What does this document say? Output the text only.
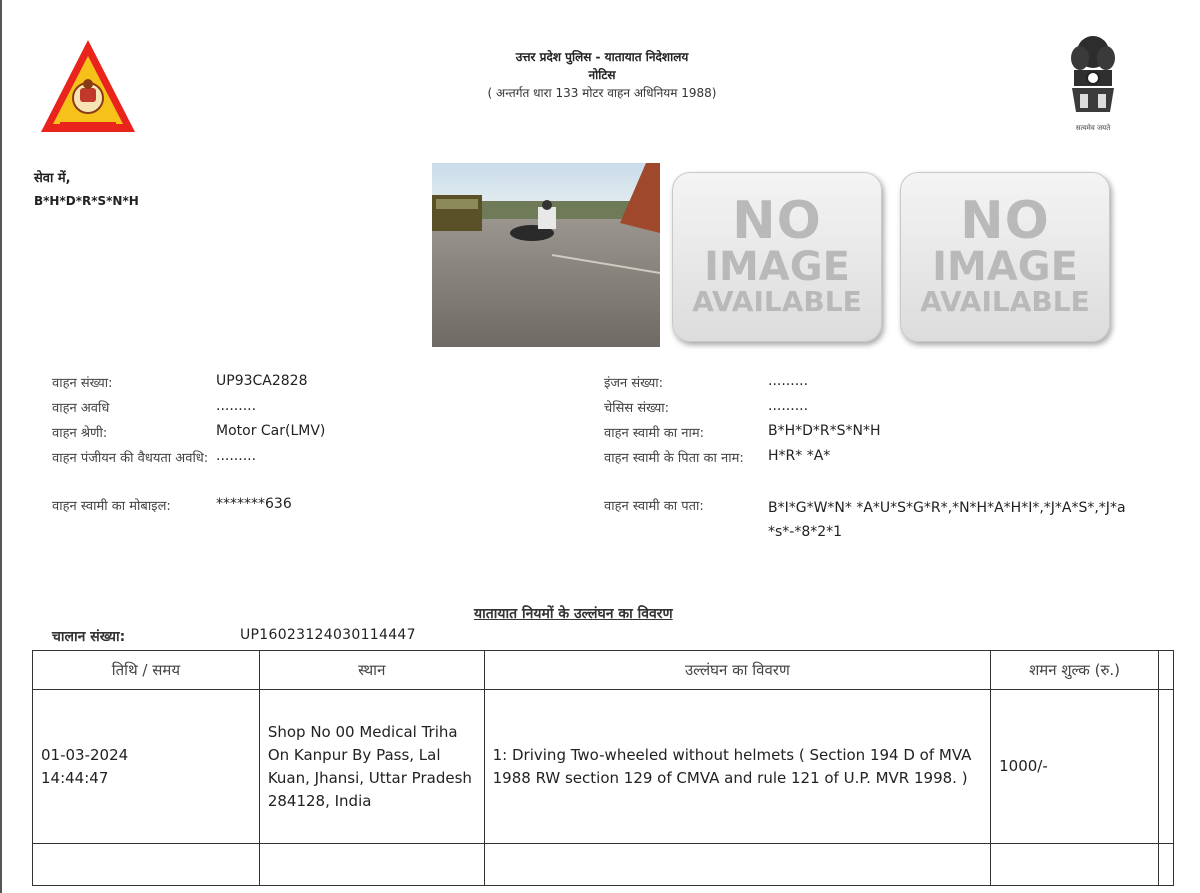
उत्तर प्रदेश पुलिस - यातायात निदेशालय
नोटिस
( अन्तर्गत धारा 133 मोटर वाहन अधिनियम 1988)
सत्यमेव जयते
सेवा में,
B*H*D*R*S*N*H	NO
IMAGE
AVAILABLE
NO
IMAGE
AVAILABLE
वाहन संख्या:	UP93CA2828
वाहन अवधि	.........
वाहन श्रेणी:	Motor Car(LMV)
वाहन पंजीयन की वैधयता अवधि: .........
वाहन स्वामी का मोबाइल:	*******636
इंजन संख्या:	.........
चेसिस संख्या:	.........
वाहन स्वामी का नाम:	B*H*D*R*S*N*H
वाहन स्वामी के पिता का नाम:	H*R* *A*
वाहन स्वामी का पता:	B*I*G*W*N* *A*U*S*G*R*,*N*H*A*H*I*,*J*A*S*,*J*a*s*-*8*2*1
यातायात नियमों के उल्लंघन का विवरण
चालान संख्या:	UP16023124030114447
तिथि / समय	स्थान	उल्लंघन का विवरण	शमन शुल्क (रु.)	

01-03-2024
14:44:47	Shop No 00 Medical Triha On Kanpur By Pass, Lal Kuan, Jhansi, Uttar Pradesh 284128, India	1: Driving Two-wheeled without helmets ( Section 194 D of MVA 1988 RW section 129 of CMVA and rule 121 of U.P. MVR 1998. )	1000/-	
